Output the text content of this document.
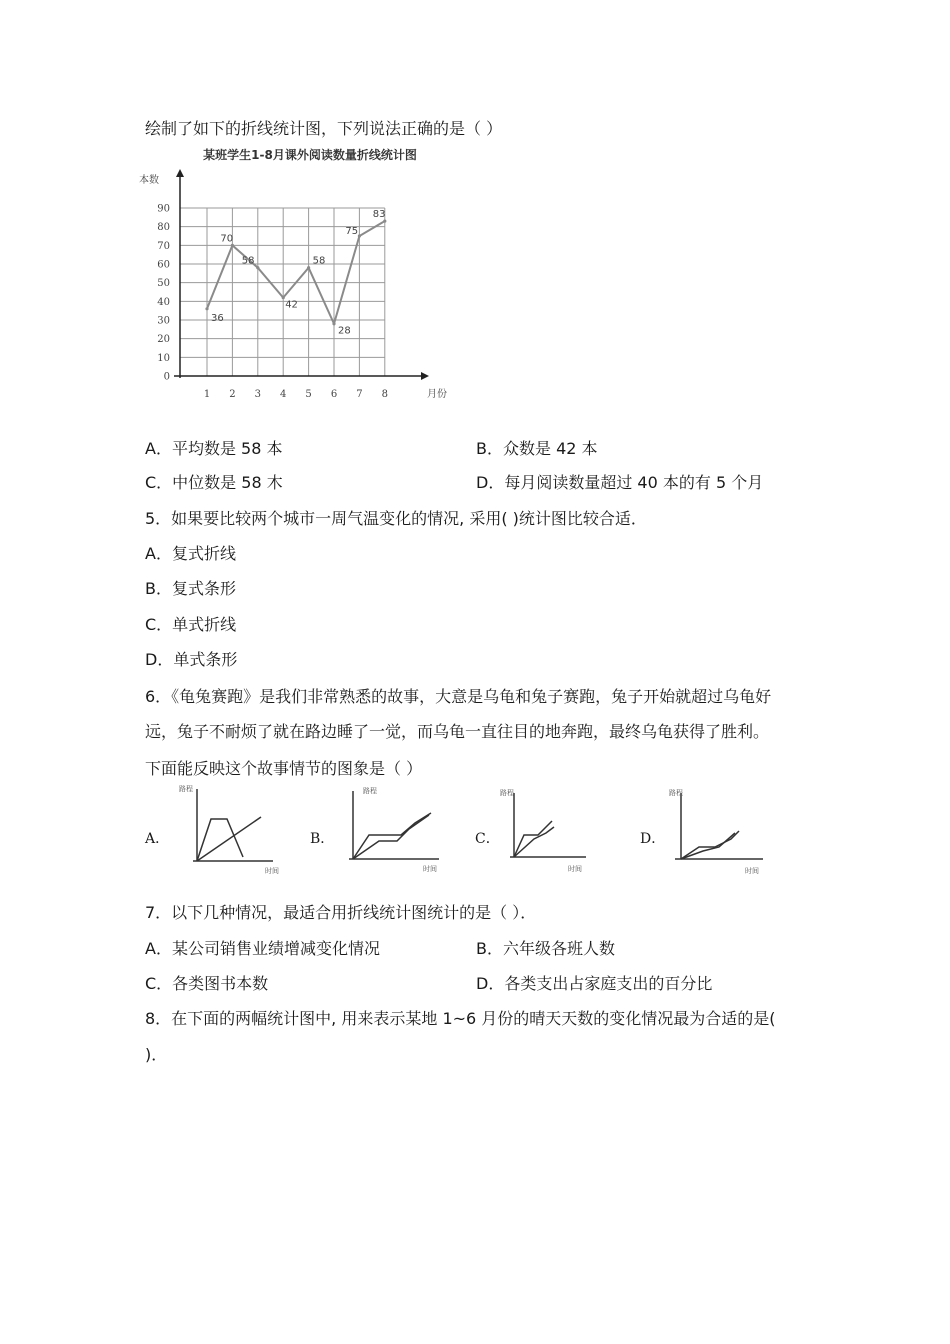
绘制了如下的折线统计图，下列说法正确的是（ ）
某班学生1-8月课外阅读数量折线统计图
本数
月份
0
10
20
30
40
50
60
70
80
90
1 2 3 4 5 6 7 8
36
70
58
42
58
28
75
83
A．平均数是 58 本	B．众数是 42 本
C．中位数是 58 木	D．每月阅读数量超过 40 本的有 5 个月
5．如果要比较两个城市一周气温变化的情况, 采用( )统计图比较合适．
A．复式折线
B．复式条形
C．单式折线
D．单式条形
6．《龟兔赛跑》是我们非常熟悉的故事，大意是乌龟和兔子赛跑，兔子开始就超过乌龟好
远，兔子不耐烦了就在路边睡了一觉，而乌龟一直往目的地奔跑，最终乌龟获得了胜利。
下面能反映这个故事情节的图象是（ ）
A．
路程
时间
B．
路程
时间
C．
路程
时间
D．
路程
时间
7．以下几种情况，最适合用折线统计图统计的是（ ）．
A．某公司销售业绩增减变化情况	B．六年级各班人数
C．各类图书本数	D．各类支出占家庭支出的百分比
8．在下面的两幅统计图中, 用来表示某地 1~6 月份的晴天天数的变化情况最为合适的是(
)．
